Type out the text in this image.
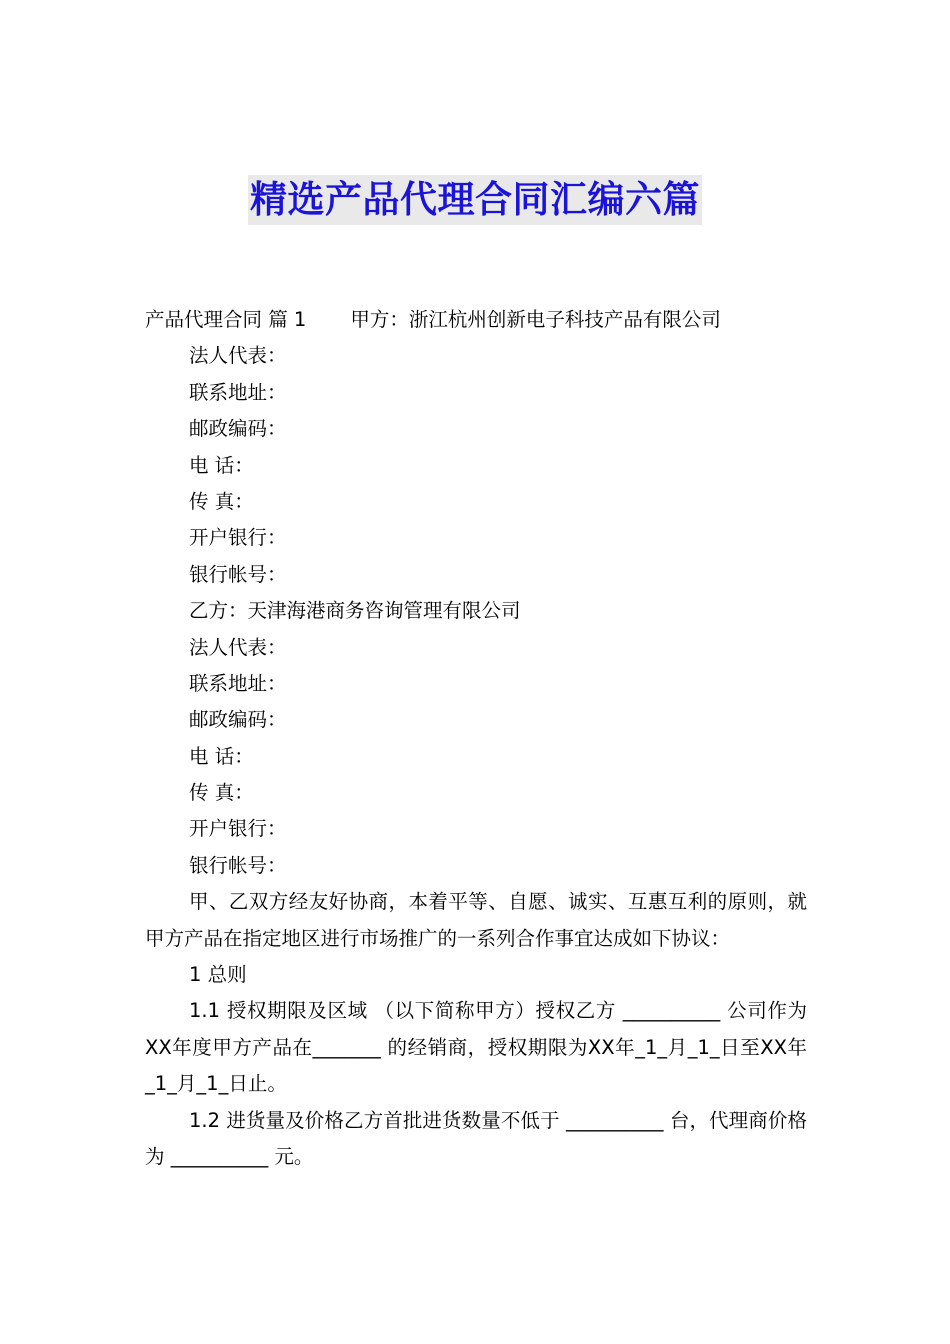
精选产品代理合同汇编六篇
产品代理合同 篇 1 甲方：浙江杭州创新电子科技产品有限公司
法人代表：
联系地址：
邮政编码：
电 话：
传 真：
开户银行：
银行帐号：
乙方：天津海港商务咨询管理有限公司
法人代表：
联系地址：
邮政编码：
电 话：
传 真：
开户银行：
银行帐号：
甲、乙双方经友好协商，本着平等、自愿、诚实、互惠互利的原则，就甲方产品在指定地区进行市场推广的一系列合作事宜达成如下协议：
1 总则
1.1 授权期限及区域 （以下简称甲方）授权乙方 __________ 公司作为XX年度甲方产品在_______ 的经销商，授权期限为XX年_1_月_1_日至XX年_1_月_1_日止。
1.2 进货量及价格乙方首批进货数量不低于 __________ 台，代理商价格为 __________ 元。
